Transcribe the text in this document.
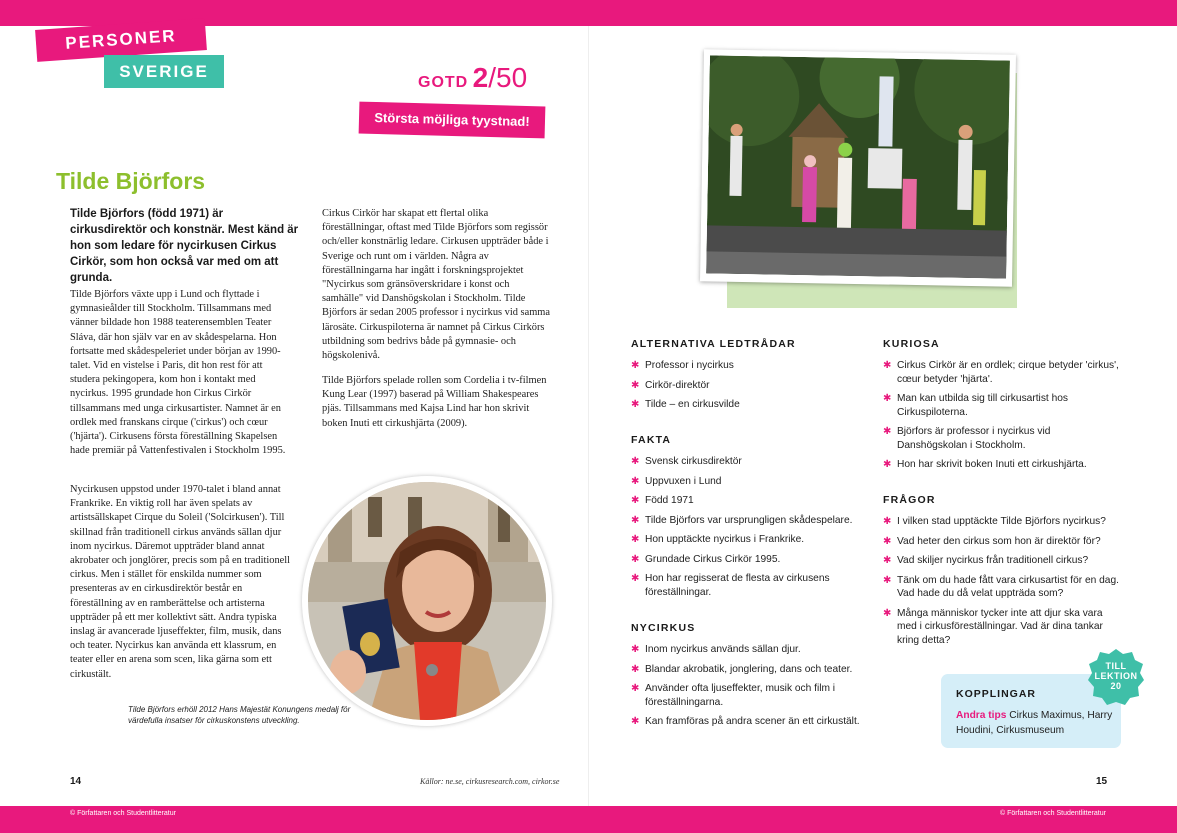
PERSONER
SVERIGE
GOTD 2/50
Största möjliga tyystnad!
Tilde Björfors

Tilde Björfors (född 1971) är cirkusdirektör och konstnär. Mest känd är hon som ledare för nycirkusen Cirkus Cirkör, som hon också var med om att grunda.

Tilde Björfors växte upp i Lund och flyttade i gymnasieålder till Stockholm. Tillsammans med vänner bildade hon 1988 teaterensemblen Teater Sláva, där hon själv var en av skådespelarna. Hon fortsatte med skådespeleriet under början av 1990-talet. Vid en vistelse i Paris, dit hon rest för att studera pekingopera, kom hon i kontakt med nycirkus. 1995 grundade hon Cirkus Cirkör tillsammans med unga cirkusartister. Namnet är en ordlek med franskans cirque ('cirkus') och cœur ('hjärta'). Cirkusens första föreställning Skapelsen hade premiär på Vattenfestivalen i Stockholm 1995.

Nycirkusen uppstod under 1970-talet i bland annat Frankrike. En viktig roll har även spelats av artistsällskapet Cirque du Soleil ('Solcirkusen'). Till skillnad från traditionell cirkus används sällan djur inom nycirkus. Däremot uppträder bland annat akrobater och jonglörer, precis som på en traditionell cirkus. Men i stället för enskilda nummer som presenteras av en cirkusdirektör består en föreställning av en ramberättelse och artisterna uppträder på ett mer kollektivt sätt. Andra typiska inslag är avancerade ljuseffekter, film, musik, dans och teater. Nycirkus kan använda ett klassrum, en teater eller en arena som scen, lika gärna som ett cirkustält.

Cirkus Cirkör har skapat ett flertal olika föreställningar, oftast med Tilde Björfors som regissör och/eller konstnärlig ledare. Cirkusen uppträder både i Sverige och runt om i världen. Några av föreställningarna har ingått i forskningsprojektet "Nycirkus som gränsöverskridare i konst och samhälle" vid Danshögskolan i Stockholm. Tilde Björfors är sedan 2005 professor i nycirkus vid samma lärosäte. Cirkuspiloterna är namnet på Cirkus Cirkörs utbildning som bedrivs både på gymnasie- och högskolenivå.

Tilde Björfors spelade rollen som Cordelia i tv-filmen Kung Lear (1997) baserad på William Shakespeares pjäs. Tillsammans med Kajsa Lind har hon skrivit boken Inuti ett cirkushjärta (2009).

Tilde Björfors erhöll 2012 Hans Majestät Konungens medalj för värdefulla insatser för cirkuskonstens utveckling.

ALTERNATIVA LEDTRÅDAR
✱ Professor i nycirkus
✱ Cirkör-direktör
✱ Tilde – en cirkusvilde
FAKTA
✱ Svensk cirkusdirektör
✱ Uppvuxen i Lund
✱ Född 1971
✱ Tilde Björfors var ursprungligen skådespelare.
✱ Hon upptäckte nycirkus i Frankrike.
✱ Grundade Cirkus Cirkör 1995.
✱ Hon har regisserat de flesta av cirkusens föreställningar.
NYCIRKUS
✱ Inom nycirkus används sällan djur.
✱ Blandar akrobatik, jonglering, dans och teater.
✱ Använder ofta ljuseffekter, musik och film i föreställningarna.
✱ Kan framföras på andra scener än ett cirkustält.
KURIOSA
✱ Cirkus Cirkör är en ordlek; cirque betyder 'cirkus', cœur betyder 'hjärta'.
✱ Man kan utbilda sig till cirkusartist hos Cirkuspiloterna.
✱ Björfors är professor i nycirkus vid Danshögskolan i Stockholm.
✱ Hon har skrivit boken Inuti ett cirkushjärta.
FRÅGOR
✱ I vilken stad upptäckte Tilde Björfors nycirkus?
✱ Vad heter den cirkus som hon är direktör för?
✱ Vad skiljer nycirkus från traditionell cirkus?
✱ Tänk om du hade fått vara cirkusartist för en dag. Vad hade du då velat uppträda som?
✱ Många människor tycker inte att djur ska vara med i cirkusföreställningar. Vad är dina tankar kring detta?
KOPPLINGAR

Andra tips Cirkus Maximus, Harry Houdini, Cirkusmuseum

TILL
LEKTION
20
14	Källor: ne.se, cirkusresearch.com, cirkor.se	15
© Författaren och Studentlitteratur	© Författaren och Studentlitteratur
